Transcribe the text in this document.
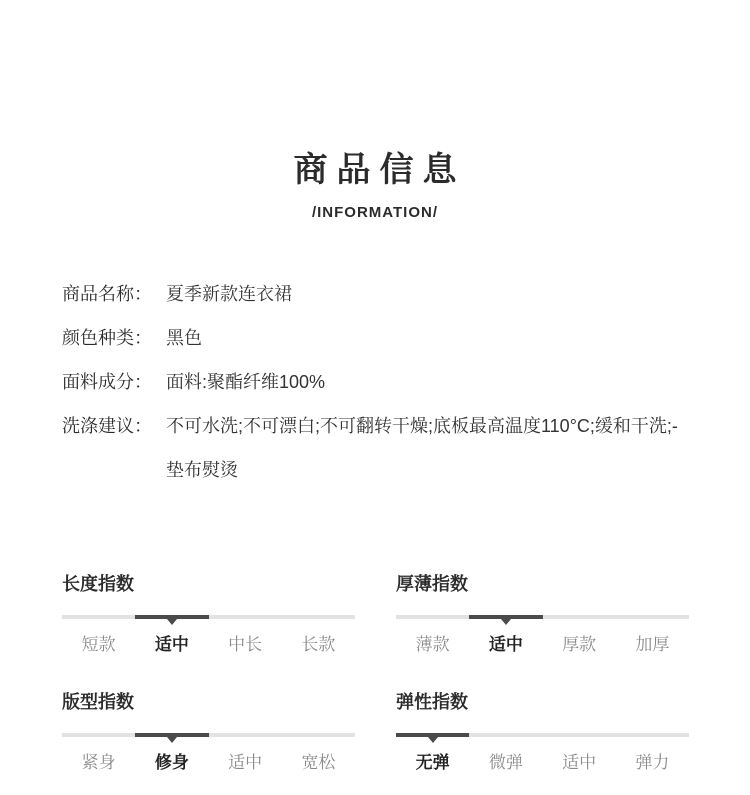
商品信息
/INFORMATION/
商品名称： 夏季新款连衣裙
颜色种类： 黑色
面料成分： 面料:聚酯纤维100%
洗涤建议： 不可水洗;不可漂白;不可翻转干燥;底板最高温度110°C;缓和干洗;- 垫布熨烫
长度指数
短款	适中	中长	长款
厚薄指数
薄款	适中	厚款	加厚
版型指数
紧身	修身	适中	宽松
弹性指数
无弹	微弹	适中	弹力
